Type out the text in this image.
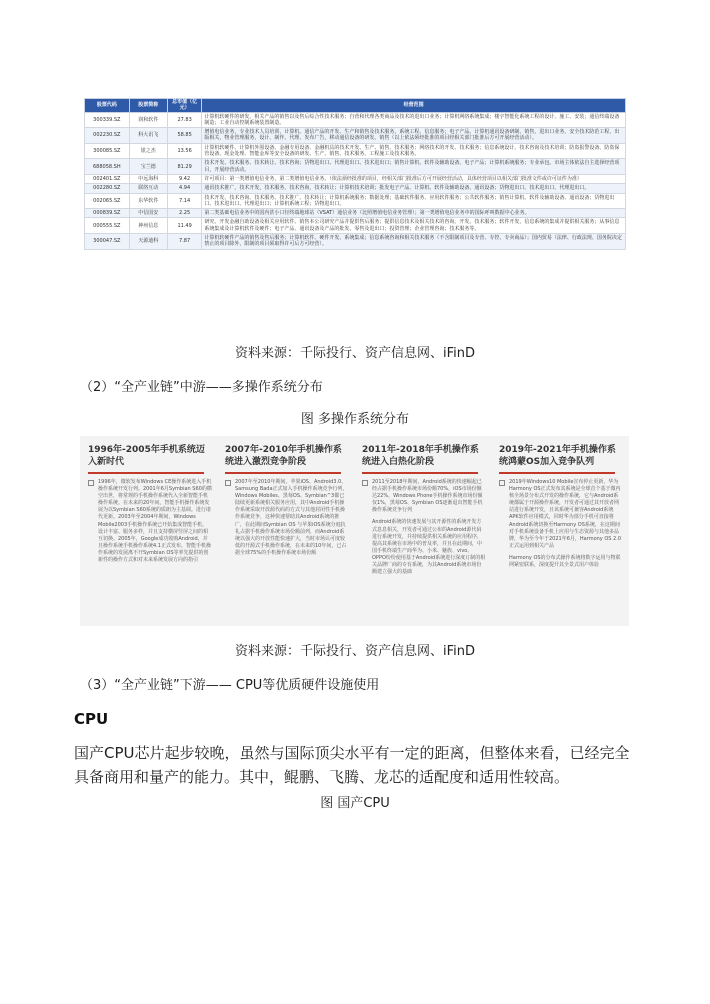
股票代码	股票简称	总市值（亿元）	经营范围
300339.SZ	润和软件	27.83	计算机软硬件的研发，相关产品的销售以及售后综合性技术服务；自营和代理各类商品及技术的进出口业务；计算机网络系统集成；楼宇智能化系统工程的设计、施工、安装；通信终端设备制造；工业自动控制系统装置制造。
002230.SZ	科大讯飞	58.85	增值电信业务，专业技术人员培训，计算机、通信产品的开发、生产和销售及技术服务，系统工程、信息服务；电子产品、计算机通讯设备研制、销售，进出口业务，安全技术防范工程，出版相关，物业管理服务，设计、制作、代理、发布广告，移动通信设备的研发、销售（以上依法须经批准的项目经相关部门批准后方可开展经营活动）。
300085.SZ	银之杰	13.56	计算机软硬件、计算机外围设备、金融专用设备、金融机具的技术开发、生产、销售、技术服务；网络技术的开发、技术服务；信息系统设计、技术咨询及技术培训；防盗报警设备、防盗保管设备、现金处理、智能金库等安全设备的研发、生产、销售、技术服务、工程施工及技术服务。
688058.SH	宝兰德	81.29	技术开发、技术服务、技术转让、技术咨询；货物进出口、代理进出口、技术进出口；销售计算机、软件及辅助设备、电子产品；计算机系统服务；专业承包。市场主体依法自主选择经营项目，开展经营活动。
002401.SZ	中远海科	9.42	许可项目：第一类增值电信业务，第二类增值电信业务。（依法须经批准的项目，经相关部门批准后方可开展经营活动，具体经营项目以相关部门批准文件或许可证件为准）
002280.SZ	联络互动	4.94	通讯技术推广，技术开发，技术服务，技术咨询，技术转让；计算机技术培训；批发电子产品、计算机、软件及辅助设备、通讯设备；货物进出口、技术进出口、代理进出口。
002065.SZ	东华软件	7.14	技术开发、技术咨询、技术服务、技术推广、技术转让；计算机系统服务；数据处理；基础软件服务、应用软件服务；公共软件服务；销售计算机、软件及辅助设备、通讯设备；货物进出口、技术进出口、代理进出口；计算机系统工程；货物进出口。
000839.SZ	中信国安	2.25	第二类基础电信业务中的国内甚小口径终端地球站（VSAT）通信业务（比照增值电信业务管理）；第一类增值电信业务中的国际呼叫数据中心业务。
000555.SZ	神州信息	11.49	研究、开发金融自助设备及相关应用软件、销售本公司研究产品并提供售后服务；提供信息技术及相关技术的咨询、开发、技术服务；软件开发，信息系统的集成并提供相关服务；从事信息系统集成及计算机软件及硬件；电子产品、通讯设备及产品的批发、零售及进出口；投资管理；企业管理咨询；技术服务等。
300047.SZ	天源迪科	7.87	计算机软硬件产品的销售及售后服务；计算机软件、硬件开发、系统集成；信息系统咨询和相关技术服务（不含限制项目及专营、专控、专卖商品）；国内贸易（法律、行政法规、国务院决定禁止的项目除外，限制的项目须取得许可后方可经营）。
资料来源：千际投行、资产信息网、iFinD
（2）“全产业链”中游——多操作系统分布
图 多操作系统分布
1996年-2005年手机系统迈入新时代

1996年，微软发布Windows CE操作系统进入手机操作系统开发行列。2001年6月Symbian S60的横空出世，将常规的手机操作系统代入全新智能手机操作系统。在未来的20年间，智能手机操作系统发展为以Symbian S60系统的质朗为主基调。进行诸代更新。2003年至2004年期间，Windows Mobile2003手机操作系统已开始集成智能手机，设计丰富、服务多样，并且支持横屏竖屏之间的相互切换。2005年，Google成功收购Android，并且操作系统手机操作系统4.1正式发布。智能手机操作系统的发展离不开Symbian OS等率先提供的创新性的操作方式和对未来系统发展方向的指引

2007年-2010年手机操作系统进入激烈竞争阶段

2007年至2010年期间，苹果iOS、Android3.0、Samsung Bada正式加入手机操作系统竞争行列，Windows Mobiles、黑莓OS、Symbian^3都已陆续更新系统相关服务应用，其中Android手机操作系统采取开放源代码的方式与其他封闭性手机操作系统竞争，这种快速帮助其Android系统的推广，在此期间Symbian OS 与苹果iOS系统分庭抗礼占据手机操作系统市场份额前列，而Android系统以强大的开放性能快速扩大，当时市场认可度较低的开源式手机操作系统，在未来的10年间，已占据全球75%的手机操作系统市场份额

2011年-2018年手机操作系统进入白热化阶段

2011至2018年期间，Android系统的快速崛起已经占据手机操作系统市场份额70%，iOS市场份额达22%，Windows Phone手机操作系统市场份额仅1%，黑莓OS、Symbian OS逐渐退出智能手机操作系统竞争行列

Android系统的快速发展与其开源性的系统开发方式息息相关，开发者可通过公布的Android源代码进行系统开发，并持续提供相关系统的应用程序，提高其系统在市场中的普及率，并且在此期间，中国手机终端生产商华为、小米、魅族、vivo、OPPO纷纷使用基于Android系统进行深度订制的相关品牌厂商的专有系统，为其Android系统市场份额建立强大的基础

2019年-2021年手机操作系统鸿蒙OS加入竞争队列

2019年Windows10 Mobile宣布停止更新，华为Harmony OS正式发布其系统是全球首个基于微内核全场景分布式开发的操作系统，它与Android系统都属于开源操作系统，开发者可通过其开放者网站进行系统开发，且该系统可兼容Android系统APK软件应用模式，同时华为部分手机可直接将Android系统切换至Harmony OS系统，在这期间对手机系统设备手机上应用与生态资源与其他多品牌，华为至今年于2021年6月，Harmony OS 2.0正式运用到相关产品

Harmony OS的分布式操作系统将数字运用与物联网紧密联系，深度提升其全景式用户体验

资料来源：千际投行、资产信息网、iFinD
（3）“全产业链”下游—— CPU等优质硬件设施使用
CPU
国产CPU芯片起步较晚，虽然与国际顶尖水平有一定的距离，但整体来看，已经完全具备商用和量产的能力。其中，鲲鹏、飞腾、龙芯的适配度和适用性较高。
图 国产CPU
